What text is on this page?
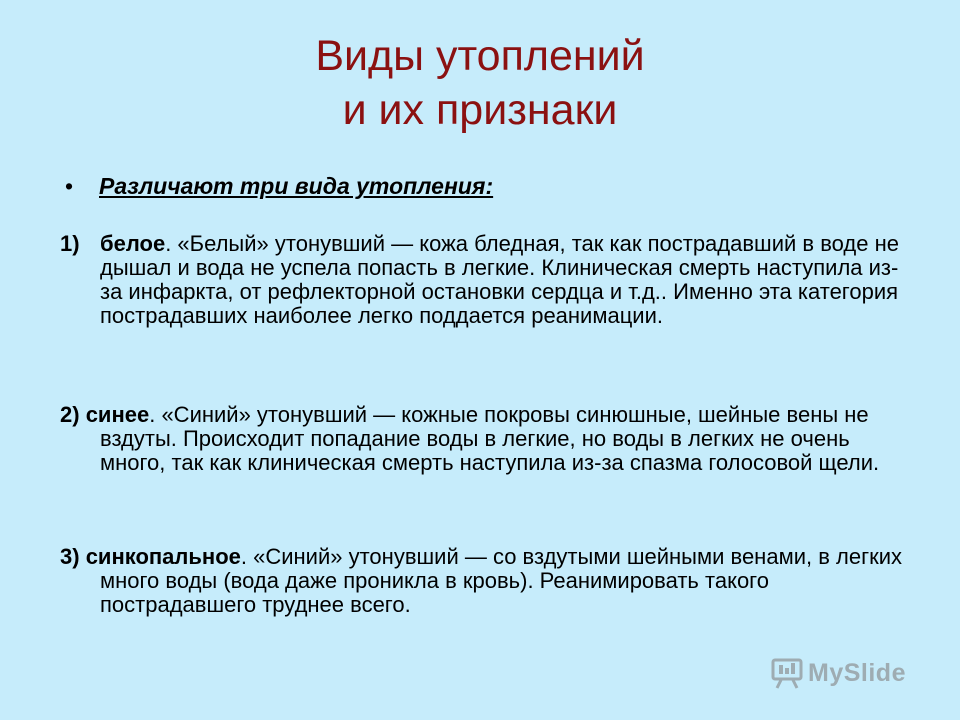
Виды утоплений
и их признаки
• Различают три вида утопления:
1) белое. «Белый» утонувший — кожа бледная, так как пострадавший в воде не дышал и вода не успела попасть в легкие. Клиническая смерть наступила из-за инфаркта, от рефлекторной остановки сердца и т.д.. Именно эта категория пострадавших наиболее легко поддается реанимации.
2) синее. «Синий» утонувший — кожные покровы синюшные, шейные вены не вздуты. Происходит попадание воды в легкие, но воды в легких не очень много, так как клиническая смерть наступила из-за спазма голосовой щели.
3) синкопальное. «Синий» утонувший — со вздутыми шейными венами, в легких много воды (вода даже проникла в кровь). Реанимировать такого пострадавшего труднее всего.
MySlide
